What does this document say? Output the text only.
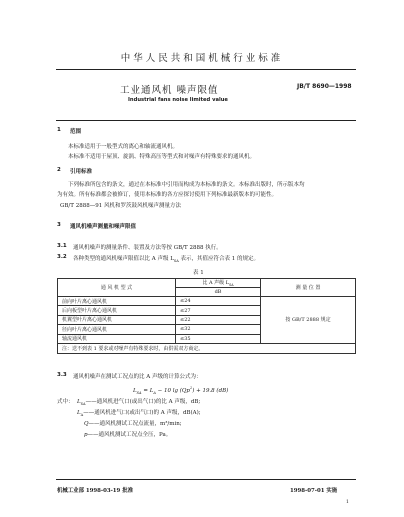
中华人民共和国机械行业标准
工业通风机 噪声限值	JB/T 8690—1998
Industrial fans noise limited value
1 范围
本标准适用于一般型式的离心和轴流通风机。
本标准不适用于屋顶、旋涡、特殊高压等型式和对噪声有特殊要求的通风机。
2 引用标准
下列标准所包含的条文，通过在本标准中引用而构成为本标准的条文。本标准出版时，所示版本均
为有效。所有标准都会被修订，使用本标准的各方应探讨使用下列标准最新版本的可能性。
GB/T 2888—91 风机和罗茨鼓风机噪声测量方法
3 通风机噪声测量和噪声限值
3.1 通风机噪声的测量条件、装置及方法等按 GB/T 2888 执行。
3.2 各种类型的通风机噪声限值以比 A 声级 $L_{SA}$ 表示，其值应符合表 1 的规定。
表 1
通 风 机 型 式	比 A 声级 $L_{SA}$	测 量 位 置
	dB	
前向叶片离心通风机	≤24	按 GB/T 2888 规定
后向板型叶片离心通风机	≤27	
机翼型叶片离心通风机	≤22	
径向叶片离心通风机	≤32	
轴流通风机	≤35	
注：送不到表 1 要求或对噪声有特殊要求时，由供需双方商定。		
3.3 通风机噪声在测试工况点的比 A 声级的计算公式为：
$L_{SA} = L_A - 10$ $\lg (Qp^2) + 19.8$ (dB)
式中： $L_{SA}——$通风机进气口(或出气口)的比 A 声级，dB;
$L_A——$通风机进气口(或出气口)的 A 声级，dB(A);
Q——通风机测试工况点流量，m³/min;
p——通风机测试工况点全压，Pa。
机械工业部 1998-03-19 批准	1998-07-01 实施
1
